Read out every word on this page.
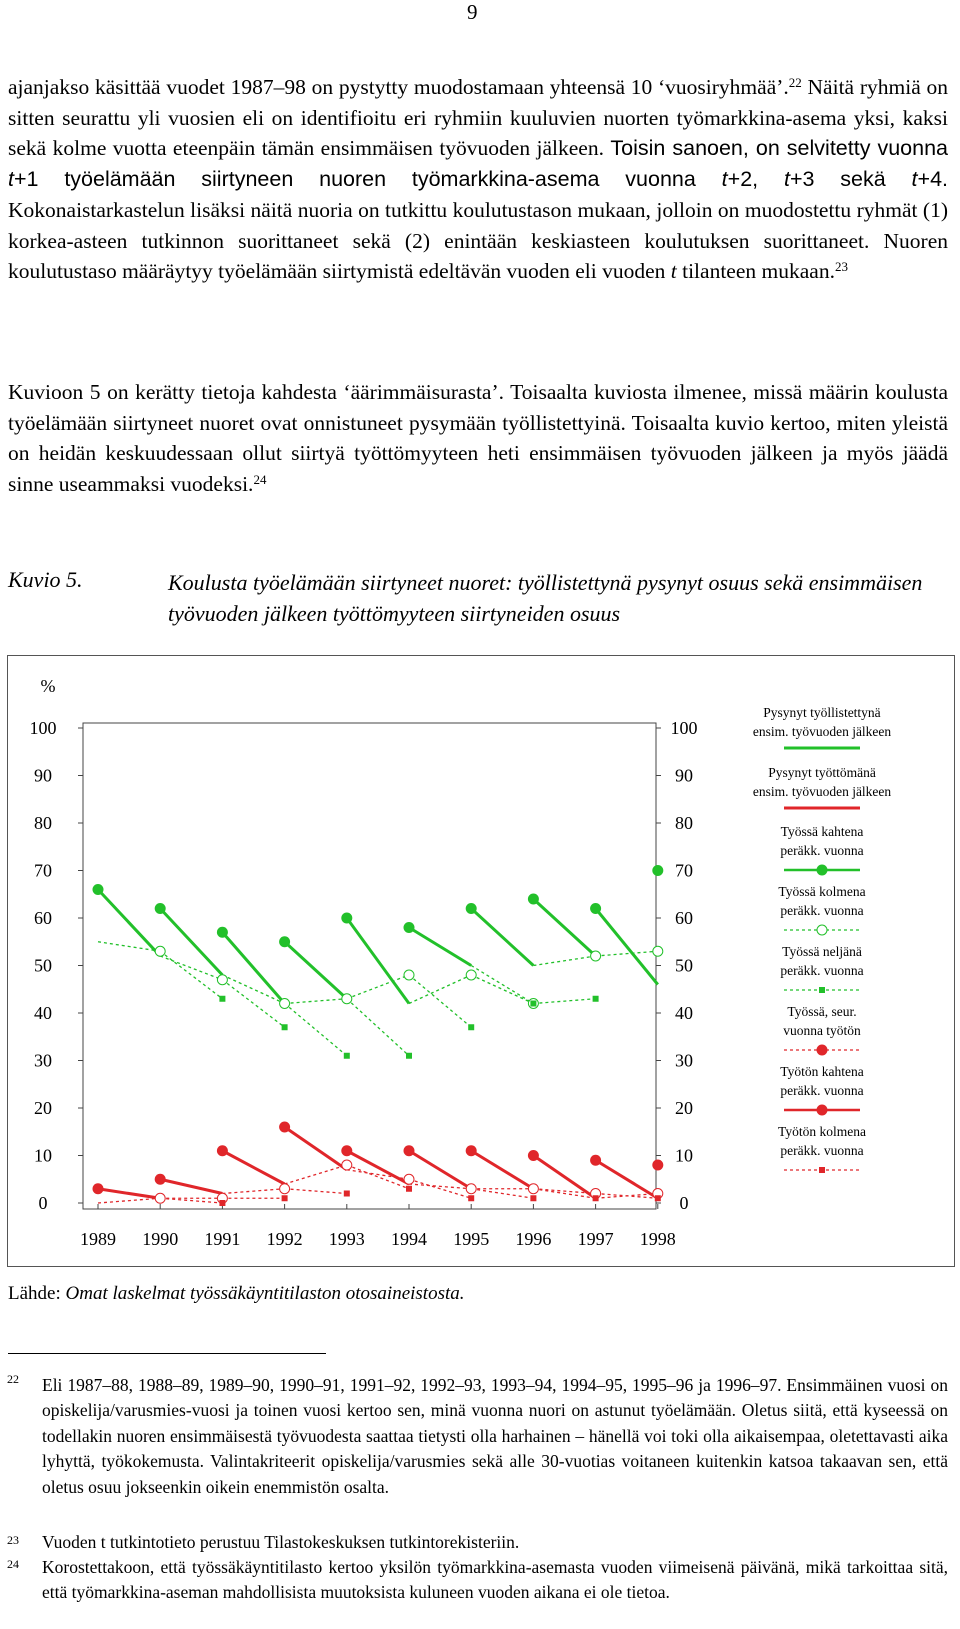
9
ajanjakso käsittää vuodet 1987–98 on pystytty muodostamaan yhteensä 10 ‘vuosiryhmää’.$^{22}$ Näitä ryhmiä on sitten seurattu yli vuosien eli on identifioitu eri ryhmiin kuuluvien nuorten työmarkkina-asema yksi, kaksi sekä kolme vuotta eteenpäin tämän ensimmäisen työvuoden jälkeen. Toisin sanoen, on selvitetty vuonna t+1 työelämään siirtyneen nuoren työmarkkina-asema vuonna t+2, t+3 sekä t+4. Kokonaistarkastelun lisäksi näitä nuoria on tutkittu koulutustason mukaan, jolloin on muodostettu ryhmät (1) korkea-asteen tutkinnon suorittaneet sekä (2) enintään keskiasteen koulutuksen suorittaneet. Nuoren koulutustaso määräytyy työelämään siirtymistä edeltävän vuoden eli vuoden t tilanteen mukaan.$^{23}$
Kuvioon 5 on kerätty tietoja kahdesta ‘äärimmäisurasta’. Toisaalta kuviosta ilmenee, missä määrin koulusta työelämään siirtyneet nuoret ovat onnistuneet pysymään työllistettyinä. Toisaalta kuvio kertoo, miten yleistä on heidän keskuudessaan ollut siirtyä työttömyyteen heti ensimmäisen työvuoden jälkeen ja myös jäädä sinne useammaksi vuodeksi.$^{24}$
Kuvio 5.	Koulusta työelämään siirtyneet nuoret: työllistettynä pysynyt osuus sekä ensimmäisen työvuoden jälkeen työttömyyteen siirtyneiden osuus
0	0
10	10
20	20
30	30
40	40
50	50
60	60
70	70
80	80
90	90
100	100
%
1989 1990 1991 1992 1993 1994 1995 1996 1997 1998
Pysynyt työllistettynä
ensim. työvuoden jälkeen
Pysynyt työttömänä
ensim. työvuoden jälkeen
Työssä kahtena
peräkk. vuonna
Työssä kolmena
peräkk. vuonna
Työssä neljänä
peräkk. vuonna
Työssä, seur.
vuonna työtön
Työtön kahtena
peräkk. vuonna
Työtön kolmena
peräkk. vuonna
Lähde: Omat laskelmat työssäkäyntitilaston otosaineistosta.
22 Eli 1987–88, 1988–89, 1989–90, 1990–91, 1991–92, 1992–93, 1993–94, 1994–95, 1995–96 ja 1996–97. Ensimmäinen vuosi on opiskelija/varusmies-vuosi ja toinen vuosi kertoo sen, minä vuonna nuori on astunut työelämään. Oletus siitä, että kyseessä on todellakin nuoren ensimmäisestä työvuodesta saattaa tietysti olla harhainen – hänellä voi toki olla aikaisempaa, oletettavasti aika lyhyttä, työkokemusta. Valintakriteerit opiskelija/varusmies sekä alle 30-vuotias voitaneen kuitenkin katsoa takaavan sen, että oletus osuu jokseenkin oikein enemmistön osalta.
23 Vuoden t tutkintotieto perustuu Tilastokeskuksen tutkintorekisteriin.
24 Korostettakoon, että työssäkäyntitilasto kertoo yksilön työmarkkina-asemasta vuoden viimeisenä päivänä, mikä tarkoittaa sitä, että työmarkkina-aseman mahdollisista muutoksista kuluneen vuoden aikana ei ole tietoa.
